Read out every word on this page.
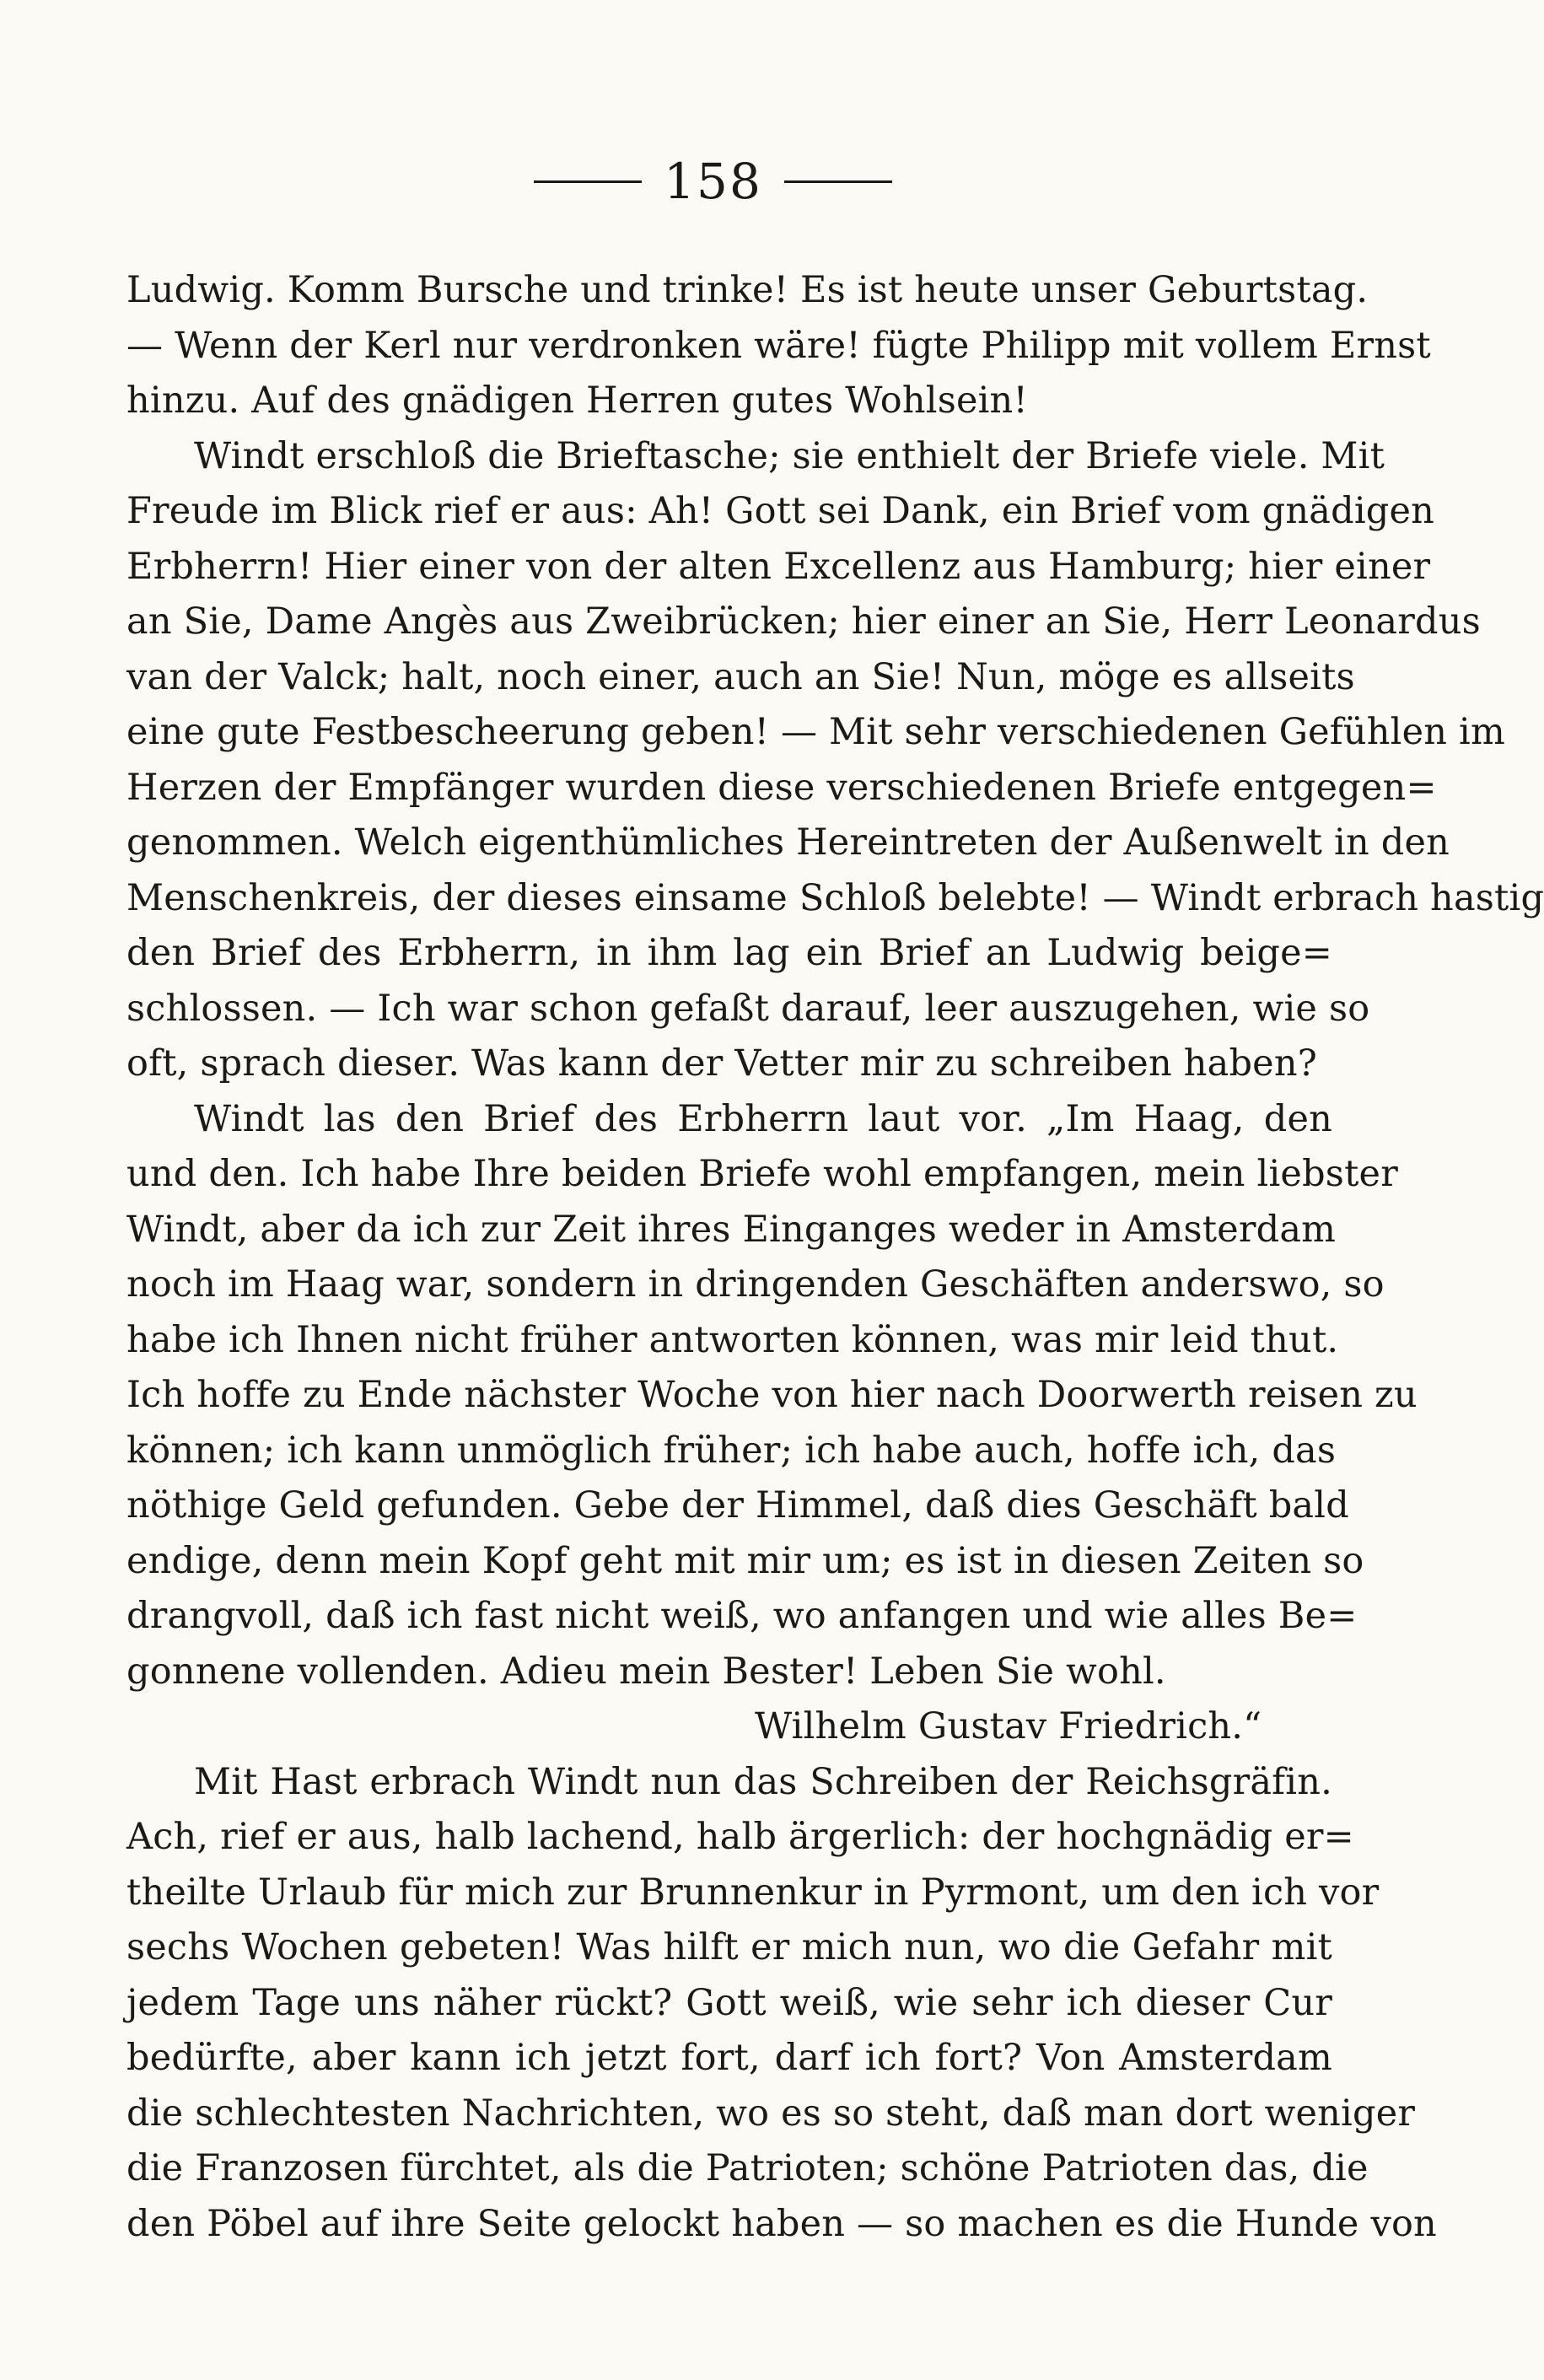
158
Ludwig. Komm Bursche und trinke! Es ist heute unser Geburtstag.
— Wenn der Kerl nur verdronken wäre! fügte Philipp mit vollem Ernst
hinzu. Auf des gnädigen Herren gutes Wohlsein!
Windt erschloß die Brieftasche; sie enthielt der Briefe viele. Mit
Freude im Blick rief er aus: Ah! Gott sei Dank, ein Brief vom gnädigen
Erbherrn! Hier einer von der alten Excellenz aus Hamburg; hier einer
an Sie, Dame Angès aus Zweibrücken; hier einer an Sie, Herr Leonardus
van der Valck; halt, noch einer, auch an Sie! Nun, möge es allseits
eine gute Festbescheerung geben! — Mit sehr verschiedenen Gefühlen im
Herzen der Empfänger wurden diese verschiedenen Briefe entgegen=
genommen. Welch eigenthümliches Hereintreten der Außenwelt in den
Menschenkreis, der dieses einsame Schloß belebte! — Windt erbrach hastig
den Brief des Erbherrn, in ihm lag ein Brief an Ludwig beige=
schlossen. — Ich war schon gefaßt darauf, leer auszugehen, wie so
oft, sprach dieser. Was kann der Vetter mir zu schreiben haben?
Windt las den Brief des Erbherrn laut vor. „Im Haag, den
und den. Ich habe Ihre beiden Briefe wohl empfangen, mein liebster
Windt, aber da ich zur Zeit ihres Einganges weder in Amsterdam
noch im Haag war, sondern in dringenden Geschäften anderswo, so
habe ich Ihnen nicht früher antworten können, was mir leid thut.
Ich hoffe zu Ende nächster Woche von hier nach Doorwerth reisen zu
können; ich kann unmöglich früher; ich habe auch, hoffe ich, das
nöthige Geld gefunden. Gebe der Himmel, daß dies Geschäft bald
endige, denn mein Kopf geht mit mir um; es ist in diesen Zeiten so
drangvoll, daß ich fast nicht weiß, wo anfangen und wie alles Be=
gonnene vollenden. Adieu mein Bester! Leben Sie wohl.
Wilhelm Gustav Friedrich.“
Mit Hast erbrach Windt nun das Schreiben der Reichsgräfin.
Ach, rief er aus, halb lachend, halb ärgerlich: der hochgnädig er=
theilte Urlaub für mich zur Brunnenkur in Pyrmont, um den ich vor
sechs Wochen gebeten! Was hilft er mich nun, wo die Gefahr mit
jedem Tage uns näher rückt? Gott weiß, wie sehr ich dieser Cur
bedürfte, aber kann ich jetzt fort, darf ich fort? Von Amsterdam
die schlechtesten Nachrichten, wo es so steht, daß man dort weniger
die Franzosen fürchtet, als die Patrioten; schöne Patrioten das, die
den Pöbel auf ihre Seite gelockt haben — so machen es die Hunde von
